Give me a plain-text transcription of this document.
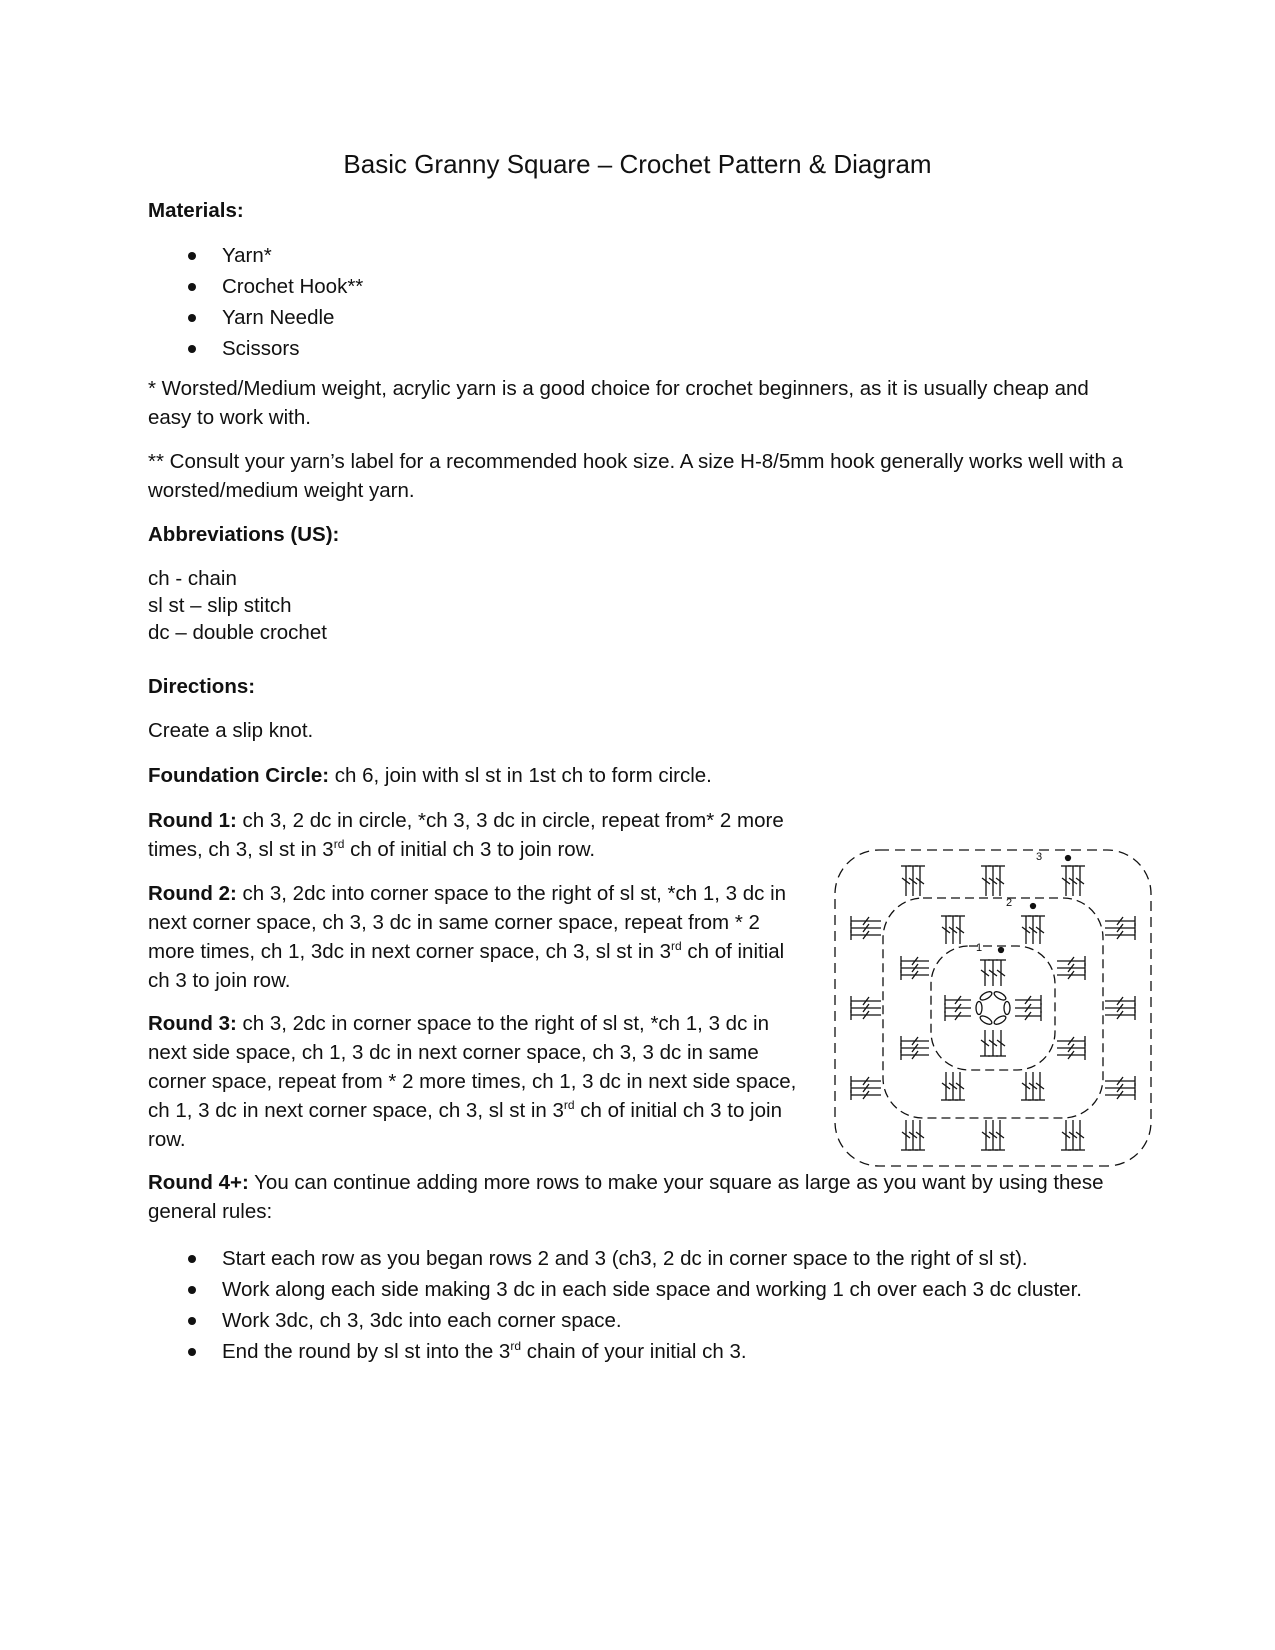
Basic Granny Square – Crochet Pattern & Diagram
Materials:
Yarn*
Crochet Hook**
Yarn Needle
Scissors

* Worsted/Medium weight, acrylic yarn is a good choice for crochet beginners, as it is usually cheap and easy to work with.

** Consult your yarn’s label for a recommended hook size. A size H-8/5mm hook generally works well with a worsted/medium weight yarn.

Abbreviations (US):
ch - chain
sl st – slip stitch
dc – double crochet
Directions:

Create a slip knot.

Foundation Circle: ch 6, join with sl st in 1st ch to form circle.

Round 1: ch 3, 2 dc in circle, *ch 3, 3 dc in circle, repeat from* 2 more times, ch 3, sl st in 3rd ch of initial ch 3 to join row.

Round 2: ch 3, 2dc into corner space to the right of sl st, *ch 1, 3 dc in next corner space, ch 3, 3 dc in same corner space, repeat from * 2 more times, ch 1, 3dc in next corner space, ch 3, sl st in 3rd ch of initial ch 3 to join row.

Round 3: ch 3, 2dc in corner space to the right of sl st, *ch 1, 3 dc in next side space, ch 1, 3 dc in next corner space, ch 3, 3 dc in same corner space, repeat from * 2 more times, ch 1, 3 dc in next side space, ch 1, 3 dc in next corner space, ch 3, sl st in 3rd ch of initial ch 3 to join row.

Round 4+: You can continue adding more rows to make your square as large as you want by using these general rules:

Start each row as you began rows 2 and 3 (ch3, 2 dc in corner space to the right of sl st).
Work along each side making 3 dc in each side space and working 1 ch over each 3 dc cluster.
Work 3dc, ch 3, 3dc into each corner space.
End the round by sl st into the 3rd chain of your initial ch 3.
1
2
3
